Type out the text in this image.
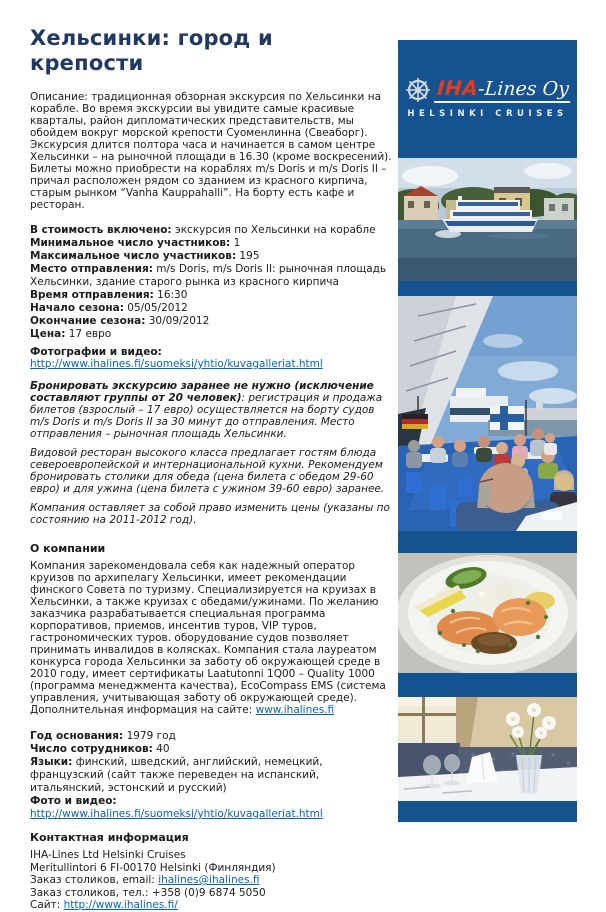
Хельсинки: город и крепости

Описание: традиционная обзорная экскурсия по Хельсинки на корабле. Во время экскурсии вы увидите самые красивые кварталы, район дипломатических представительств, мы обойдем вокруг морской крепости Суоменлинна (Свеаборг). Экскурсия длится полтора часа и начинается в самом центре Хельсинки – на рыночной площади в 16.30 (кроме воскресений). Билеты можно приобрести на кораблях m/s Doris и m/s Doris II – причал расположен рядом со зданием из красного кирпича, старым рынком “Vanha Kauppahalli”. На борту есть кафе и ресторан.

В стоимость включено: экскурсия по Хельсинки на корабле

Минимальное число участников: 1

Максимальное число участников: 195

Место отправления: m/s Doris, m/s Doris II: рыночная площадь Хельсинки, здание старого рынка из красного кирпича

Время отправления: 16:30

Начало сезона: 05/05/2012

Окончание сезона: 30/09/2012

Цена: 17 евро

Фотографии и видео:

http://www.ihalines.fi/suomeksi/yhtio/kuvagalleriat.html

Бронировать экскурсию заранее не нужно (исключение составляют группы от 20 человек): регистрация и продажа билетов (взрослый – 17 евро) осуществляется на борту судов m/s Doris и m/s Doris II за 30 минут до отправления. Место отправления – рыночная площадь Хельсинки.

Видовой ресторан высокого класса предлагает гостям блюда североевропейской и интернациональной кухни. Рекомендуем бронировать столики для обеда (цена билета с обедом 29-60 евро) и для ужина (цена билета с ужином 39-60 евро) заранее.

Компания оставляет за собой право изменить цены (указаны по состоянию на 2011-2012 год).

О компании

Компания зарекомендовала себя как надежный оператор круизов по архипелагу Хельсинки, имеет рекомендации финского Совета по туризму. Специализируется на круизах в Хельсинки, а также круизах с обедами/ужинами. По желанию заказчика разрабатывается специальная программа корпоративов, приемов, инсентив туров, VIP туров, гастрономических туров. оборудование судов позволяет принимать инвалидов в колясках. Компания стала лауреатом конкурса города Хельсинки за заботу об окружающей среде в 2010 году, имеет сертификаты Laatutonni 1Q00 – Quality 1000 (программа менеджмента качества), EcoCompass EMS (система управления, учитывающая заботу об окружающей среде). Дополнительная информация на сайте: www.ihalines.fi

Год основания: 1979 год

Число сотрудников: 40

Языки: финский, шведский, английский, немецкий, французский (сайт также переведен на испанский, итальянский, эстонский и русский)

Фото и видео:

http://www.ihalines.fi/suomeksi/yhtio/kuvagalleriat.html

Контактная информация

IHA-Lines Ltd Helsinki Cruises

Meritullintori 6 FI-00170 Helsinki (Финляндия)

Заказ столиков, email: ihalines@ihalines.fi

Заказ столиков, тел.: +358 (0)9 6874 5050

Сайт: http://www.ihalines.fi/

IHA-Lines Oy
HELSINKI CRUISES
